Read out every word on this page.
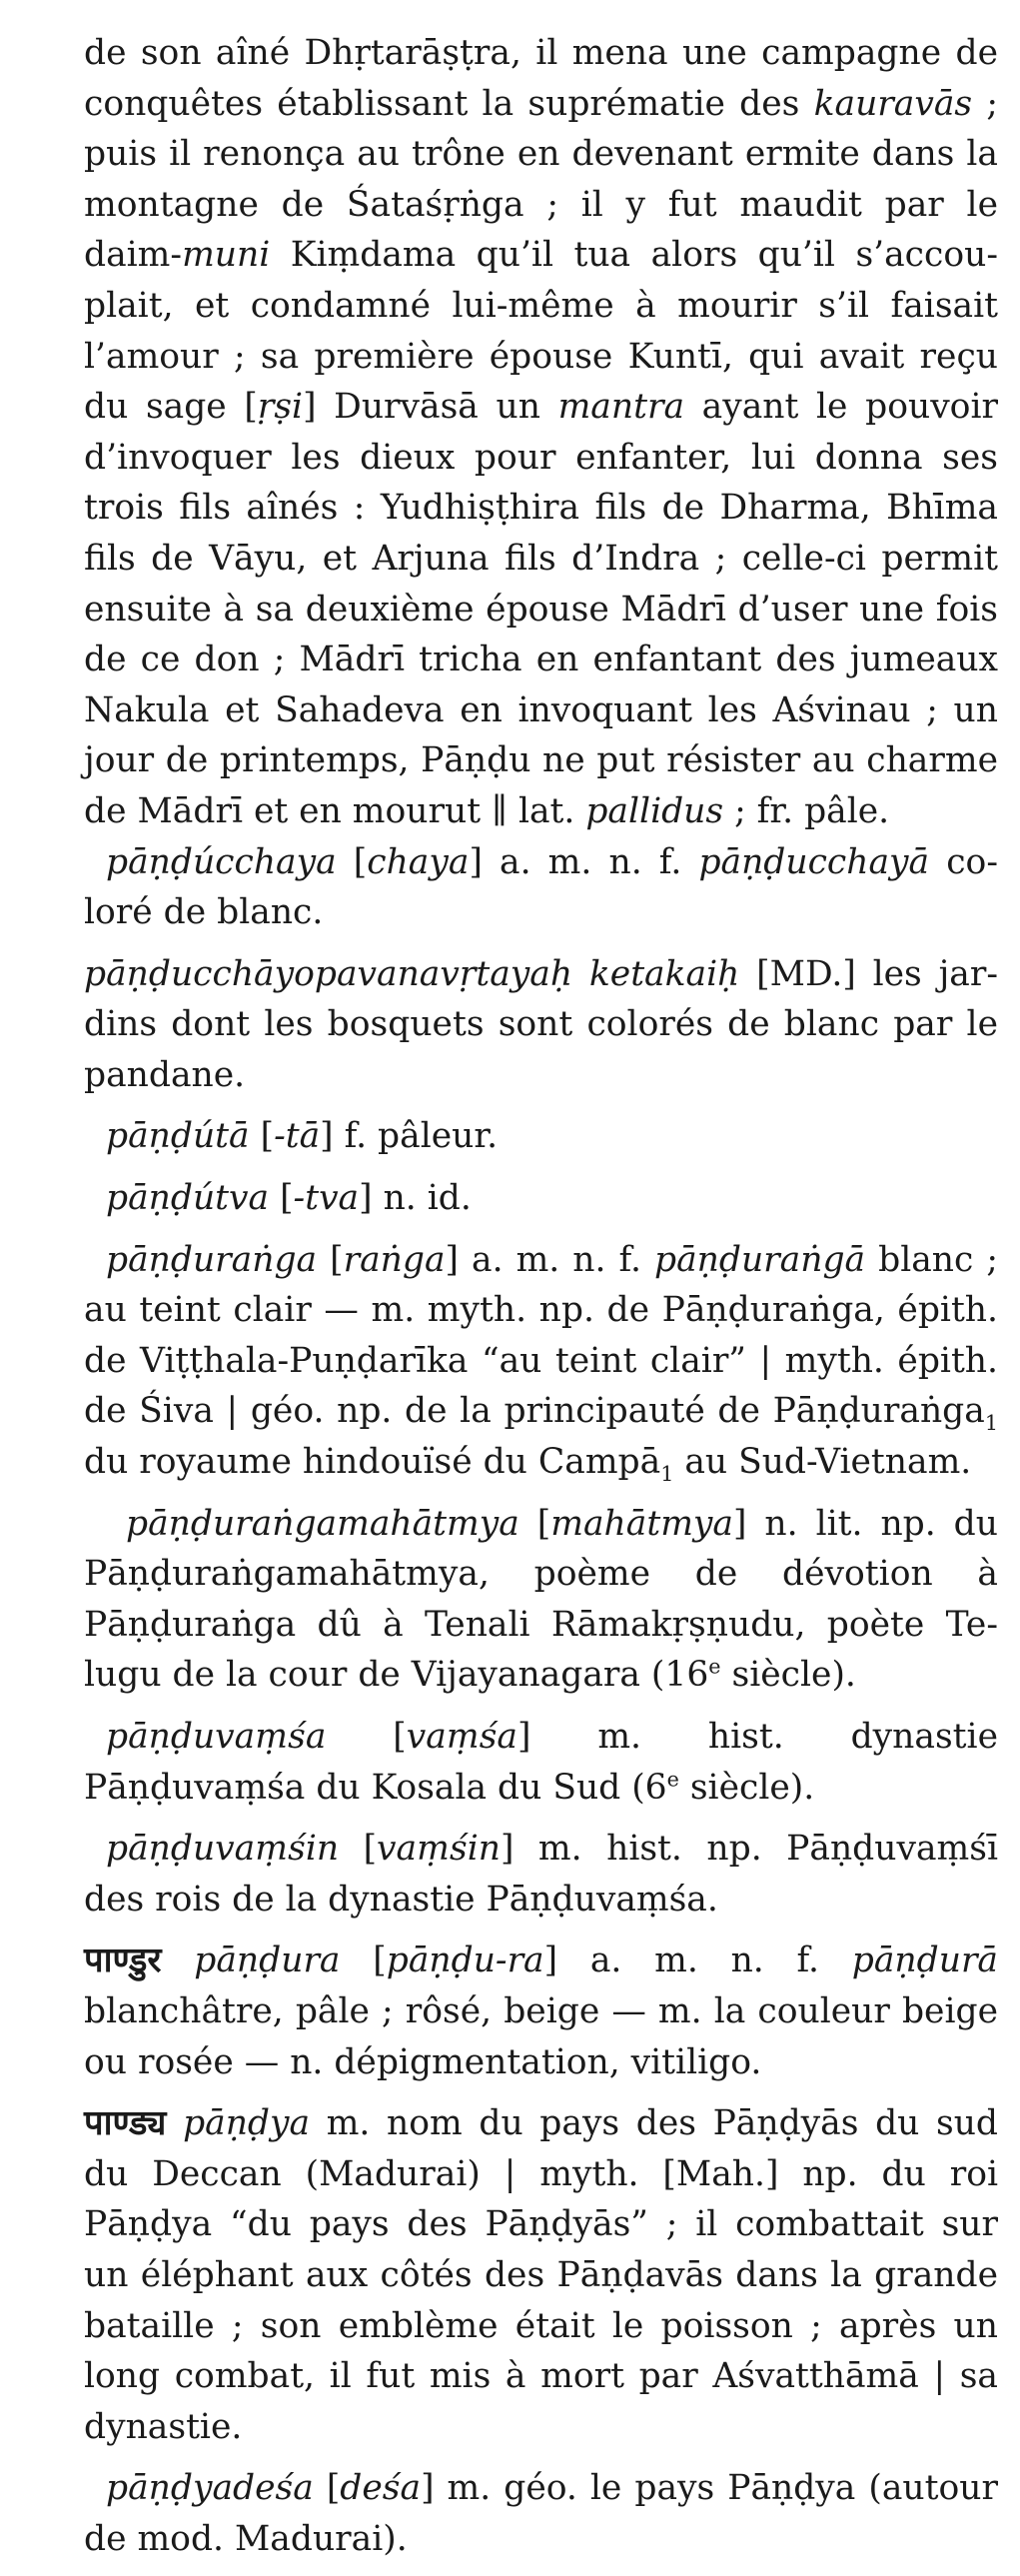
de son aîné Dhṛtarāṣṭra, il mena une campagne de conquêtes établissant la suprématie des kauravās ; puis il renonça au trône en devenant ermite dans la montagne de Śataśṛṅga ; il y fut maudit par le daim-muni Kiṃdama qu’il tua alors qu’il s’accouplait, et condamné lui-même à mourir s’il faisait l’amour ; sa première épouse Kuntī, qui avait reçu du sage [ṛṣi] Durvāsā un mantra ayant le pouvoir d’invoquer les dieux pour enfanter, lui donna ses trois fils aînés : Yudhiṣṭhira fils de Dharma, Bhīma fils de Vāyu, et Arjuna fils d’Indra ; celle-ci permit ensuite à sa deuxième épouse Mādrī d’user une fois de ce don ; Mādrī tricha en enfantant des jumeaux Nakula et Sahadeva en invoquant les Aśvinau ; un jour de printemps, Pāṇḍu ne put résister au charme de Mādrī et en mourut ∥ lat. pallidus ; fr. pâle.

pāṇḍúcchaya [chaya] a. m. n. f. pāṇḍucchayā coloré de blanc.

pāṇḍucchāyopavanavṛtayaḥ ketakaiḥ [MD.] les jardins dont les bosquets sont colorés de blanc par le pandane.

pāṇḍútā [-tā] f. pâleur.

pāṇḍútva [-tva] n. id.

pāṇḍuraṅga [raṅga] a. m. n. f. pāṇḍuraṅgā blanc ; au teint clair — m. myth. np. de Pāṇḍuraṅga, épith. de Viṭṭhala-Puṇḍarīka “au teint clair” | myth. épith. de Śiva | géo. np. de la principauté de Pāṇḍuraṅga$_1$ du royaume hindouïsé du Campā$_1$ au Sud-Vietnam.

pāṇḍuraṅgamahātmya [mahātmya] n. lit. np. du Pāṇḍuraṅgamahātmya, poème de dévotion à Pāṇḍuraṅga dû à Tenali Rāmakṛṣṇudu, poète Telugu de la cour de Vijayanagara (16e siècle).

pāṇḍuvaṃśa [vaṃśa] m. hist. dynastie Pāṇḍuvaṃśa du Kosala du Sud (6e siècle).

pāṇḍuvaṃśin [vaṃśin] m. hist. np. Pāṇḍuvaṃśī des rois de la dynastie Pāṇḍuvaṃśa.

पाण्डुर pāṇḍura [pāṇḍu-ra] a. m. n. f. pāṇḍurā blanchâtre, pâle ; rôsé, beige — m. la couleur beige ou rosée — n. dépigmentation, vitiligo.

पाण्ड्य pāṇḍya m. nom du pays des Pāṇḍyās du sud du Deccan (Madurai) | myth. [Mah.] np. du roi Pāṇḍya “du pays des Pāṇḍyās” ; il combattait sur un éléphant aux côtés des Pāṇḍavās dans la grande bataille ; son emblème était le poisson ; après un long combat, il fut mis à mort par Aśvatthāmā | sa dynastie.

pāṇḍyadeśa [deśa] m. géo. le pays Pāṇḍya (autour de mod. Madurai).
